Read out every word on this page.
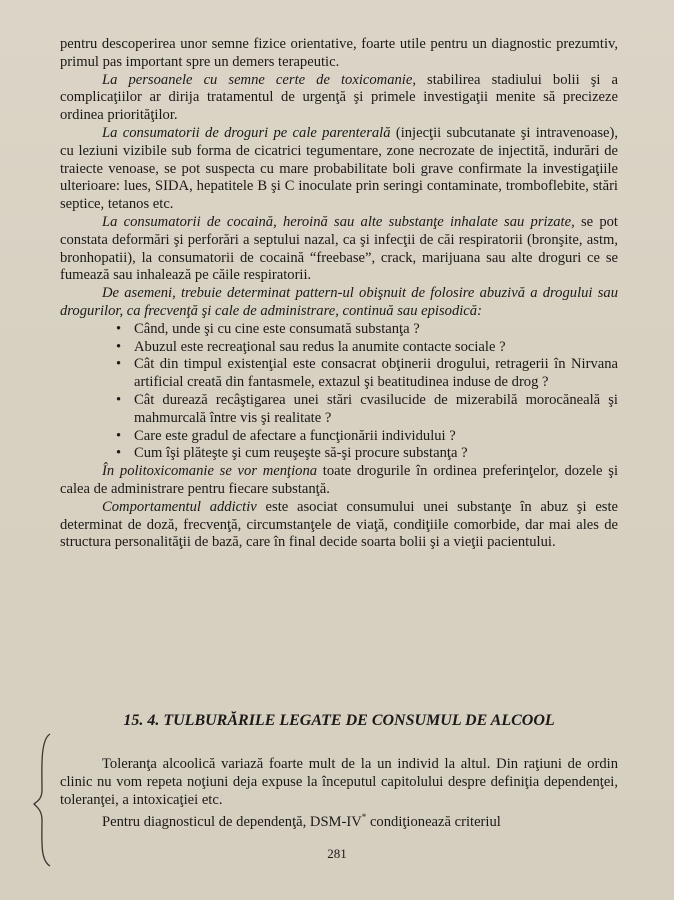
pentru descoperirea unor semne fizice orientative, foarte utile pentru un diagnostic prezumtiv, primul pas important spre un demers terapeutic.

La persoanele cu semne certe de toxicomanie, stabilirea stadiului bolii şi a complicaţiilor ar dirija tratamentul de urgenţă şi primele investigaţii menite să precizeze ordinea priorităţilor.

La consumatorii de droguri pe cale parenterală (injecţii subcutanate şi intravenoase), cu leziuni vizibile sub forma de cicatrici tegumentare, zone necrozate de injectită, indurări de traiecte venoase, se pot suspecta cu mare probabilitate boli grave confirmate la investigaţiile ulterioare: lues, SIDA, hepatitele B şi C inoculate prin seringi contaminate, tromboflebite, stări septice, tetanos etc.

La consumatorii de cocaină, heroină sau alte substanţe inhalate sau prizate, se pot constata deformări şi perforări a septului nazal, ca şi infecţii de căi respiratorii (bronşite, astm, bronhopatii), la consumatorii de cocaină “freebase”, crack, marijuana sau alte droguri ce se fumează sau inhalează pe căile respiratorii.

De asemeni, trebuie determinat pattern-ul obişnuit de folosire abuzivă a drogului sau drogurilor, ca frecvenţă şi cale de administrare, continuă sau episodică:

• Când, unde şi cu cine este consumată substanţa ?
• Abuzul este recreaţional sau redus la anumite contacte sociale ?
• Cât din timpul existenţial este consacrat obţinerii drogului, retragerii în Nirvana artificial creată din fantasmele, extazul şi beatitudinea induse de drog ?
• Cât durează recâştigarea unei stări cvasilucide de mizerabilă morocăneală şi mahmurcală între vis şi realitate ?
• Care este gradul de afectare a funcţionării individului ?
• Cum îşi plăteşte şi cum reuşeşte să-şi procure substanţa ?

În politoxicomanie se vor menţiona toate drogurile în ordinea preferinţelor, dozele şi calea de administrare pentru fiecare substanţă.

Comportamentul addictiv este asociat consumului unei substanţe în abuz şi este determinat de doză, frecvenţă, circumstanţele de viaţă, condiţiile comorbide, dar mai ales de structura personalităţii de bază, care în final decide soarta bolii şi a vieţii pacientului.

15. 4. TULBURĂRILE LEGATE DE CONSUMUL DE ALCOOL

Toleranţa alcoolică variază foarte mult de la un individ la altul. Din raţiuni de ordin clinic nu vom repeta noţiuni deja expuse la începutul capitolului despre definiţia dependenţei, toleranţei, a intoxicaţiei etc.

Pentru diagnosticul de dependenţă, DSM-IV* condiţionează criteriul

281
